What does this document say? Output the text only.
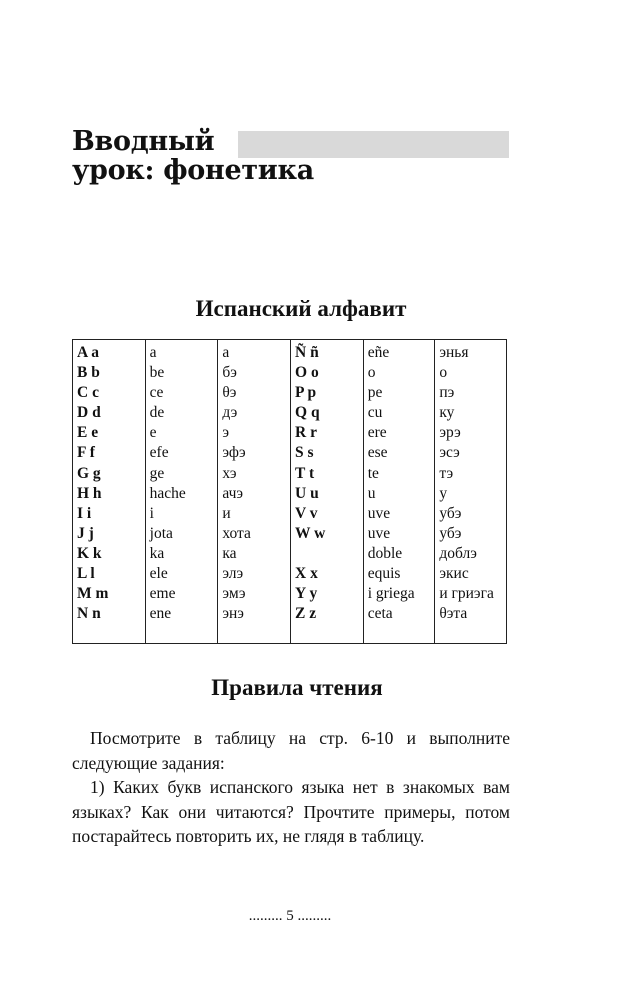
Вводный
урок: фонетика
Испанский алфавит
A a
B b
C c
D d
E e
F f
G g
H h
I i
J j
K k
L l
M m
N n
a
be
ce
de
e
efe
ge
hache
i
jota
ka
ele
eme
ene
а
бэ
θэ
дэ
э
эфэ
хэ
ачэ
и
хота
ка
элэ
эмэ
энэ
Ñ ñ
O o
P p
Q q
R r
S s
T t
U u
V v
W w
X x
Y y
Z z
eñe
o
pe
cu
ere
ese
te
u
uve
uve
doble
equis
i griega
ceta
энья
о
пэ
ку
эрэ
эсэ
тэ
у
убэ
убэ
доблэ
экис
и гриэга
θэта
Правила чтения

Посмотрите в таблицу на стр. 6-10 и выполните следующие задания:

1) Каких букв испанского языка нет в знакомых вам языках? Как они читаются? Прочтите примеры, потом постарайтесь повторить их, не глядя в таблицу.

......... 5 .........
